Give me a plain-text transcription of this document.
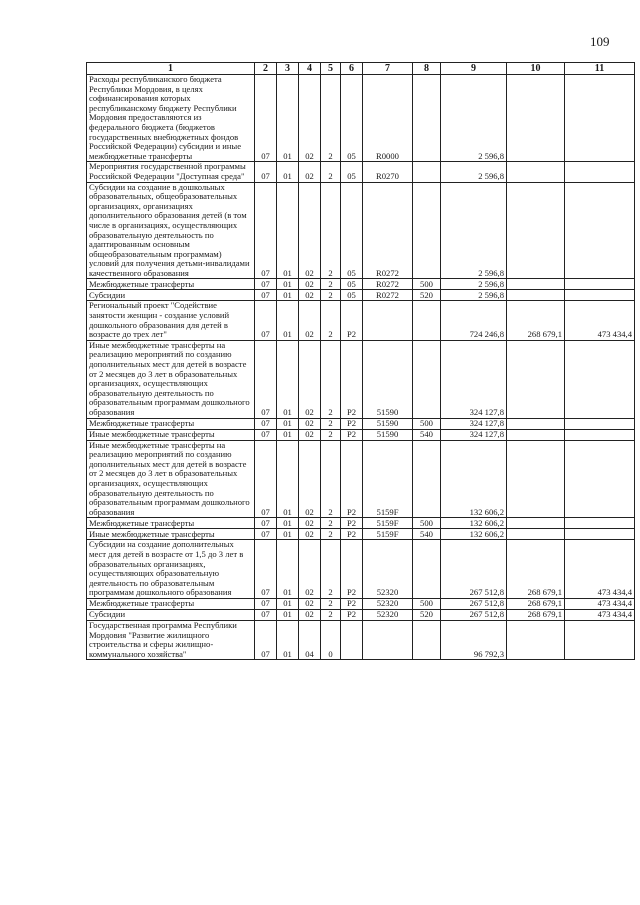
109
1	2	3	4	5	6	7	8	9	10	11
Расходы республиканского бюджета Республики Мордовия, в целях софинансирования которых республиканскому бюджету Республики Мордовия предоставляются из федерального бюджета (бюджетов государственных внебюджетных фондов Российской Федерации) субсидии и иные межбюджетные трансферты	07	01	02	2	05	R0000		2 596,8		
Мероприятия государственной программы Российской Федерации "Доступная среда"	07	01	02	2	05	R0270		2 596,8		
Субсидии на создание в дошкольных образовательных, общеобразовательных организациях, организациях дополнительного образования детей (в том числе в организациях, осуществляющих образовательную деятельность по адаптированным основным общеобразовательным программам) условий для получения детьми-инвалидами качественного образования	07	01	02	2	05	R0272		2 596,8		
Межбюджетные трансферты	07	01	02	2	05	R0272	500	2 596,8		
Субсидии	07	01	02	2	05	R0272	520	2 596,8		
Региональный проект "Содействие занятости женщин - создание условий дошкольного образования для детей в возрасте до трех лет"	07	01	02	2	P2			724 246,8	268 679,1	473 434,4
Иные межбюджетные трансферты на реализацию мероприятий по созданию дополнительных мест для детей в возрасте от 2 месяцев до 3 лет в образовательных организациях, осуществляющих образовательную деятельность по образовательным программам дошкольного образования	07	01	02	2	P2	51590		324 127,8		
Межбюджетные трансферты	07	01	02	2	P2	51590	500	324 127,8		
Иные межбюджетные трансферты	07	01	02	2	P2	51590	540	324 127,8		
Иные межбюджетные трансферты на реализацию мероприятий по созданию дополнительных мест для детей в возрасте от 2 месяцев до 3 лет в образовательных организациях, осуществляющих образовательную деятельность по образовательным программам дошкольного образования	07	01	02	2	P2	5159F		132 606,2		
Межбюджетные трансферты	07	01	02	2	P2	5159F	500	132 606,2		
Иные межбюджетные трансферты	07	01	02	2	P2	5159F	540	132 606,2		
Субсидии на создание дополнительных мест для детей в возрасте от 1,5 до 3 лет в образовательных организациях, осуществляющих образовательную деятельность по образовательным программам дошкольного образования	07	01	02	2	P2	52320		267 512,8	268 679,1	473 434,4
Межбюджетные трансферты	07	01	02	2	P2	52320	500	267 512,8	268 679,1	473 434,4
Субсидии	07	01	02	2	P2	52320	520	267 512,8	268 679,1	473 434,4
Государственная программа Республики Мордовия "Развитие жилищного строительства и сферы жилищно-коммунального хозяйства"	07	01	04	0				96 792,3		
